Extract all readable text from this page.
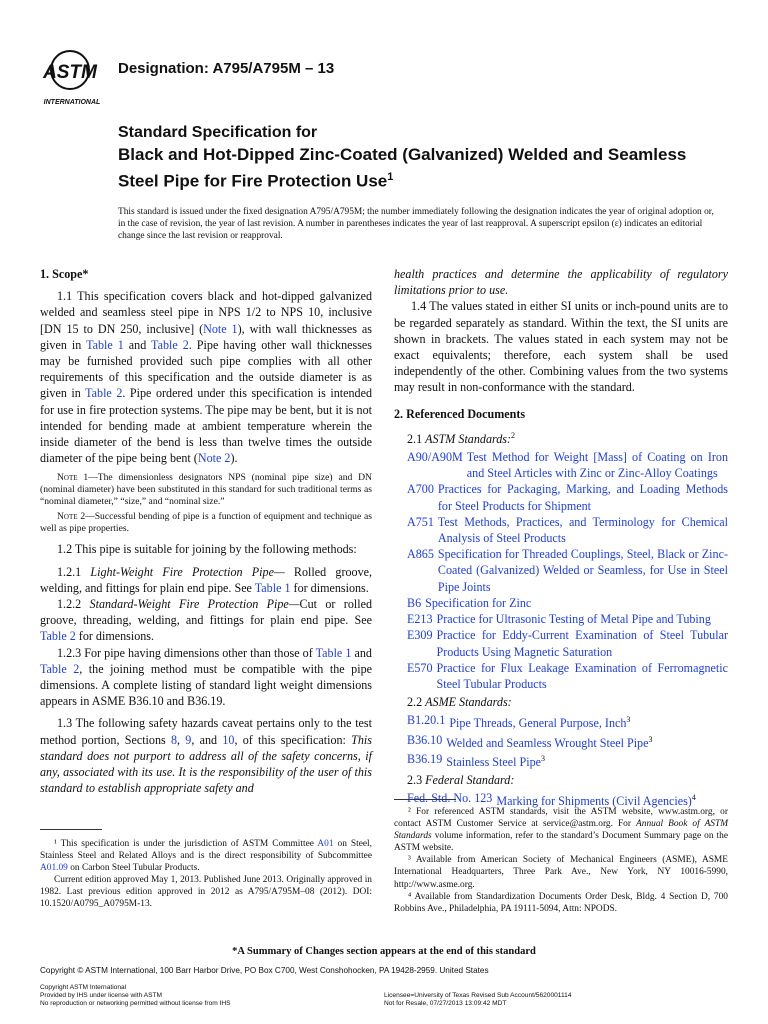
ASTM
INTERNATIONAL
Designation: A795/A795M – 13
Standard Specification for
Black and Hot-Dipped Zinc-Coated (Galvanized) Welded and Seamless Steel Pipe for Fire Protection Use$^1$
This standard is issued under the fixed designation A795/A795M; the number immediately following the designation indicates the year of original adoption or, in the case of revision, the year of last revision. A number in parentheses indicates the year of last reapproval. A superscript epsilon (ε) indicates an editorial change since the last revision or reapproval.
1. Scope*

1.1 This specification covers black and hot-dipped galvanized welded and seamless steel pipe in NPS 1/2 to NPS 10, inclusive [DN 15 to DN 250, inclusive] (Note 1), with wall thicknesses as given in Table 1 and Table 2. Pipe having other wall thicknesses may be furnished provided such pipe complies with all other requirements of this specification and the outside diameter is as given in Table 2. Pipe ordered under this specification is intended for use in fire protection systems. The pipe may be bent, but it is not intended for bending made at ambient temperature wherein the inside diameter of the bend is less than twelve times the outside diameter of the pipe being bent (Note 2).

Note 1—The dimensionless designators NPS (nominal pipe size) and DN (nominal diameter) have been substituted in this standard for such traditional terms as “nominal diameter,” “size,” and “nominal size.”

Note 2—Successful bending of pipe is a function of equipment and technique as well as pipe properties.

1.2 This pipe is suitable for joining by the following methods:

1.2.1 Light-Weight Fire Protection Pipe— Rolled groove, welding, and fittings for plain end pipe. See Table 1 for dimensions.

1.2.2 Standard-Weight Fire Protection Pipe—Cut or rolled groove, threading, welding, and fittings for plain end pipe. See Table 2 for dimensions.

1.2.3 For pipe having dimensions other than those of Table 1 and Table 2, the joining method must be compatible with the pipe dimensions. A complete listing of standard light weight dimensions appears in ASME B36.10 and B36.19.

1.3 The following safety hazards caveat pertains only to the test method portion, Sections 8, 9, and 10, of this specification: This standard does not purport to address all of the safety concerns, if any, associated with its use. It is the responsibility of the user of this standard to establish appropriate safety and

¹ This specification is under the jurisdiction of ASTM Committee A01 on Steel, Stainless Steel and Related Alloys and is the direct responsibility of Subcommittee A01.09 on Carbon Steel Tubular Products.

Current edition approved May 1, 2013. Published June 2013. Originally approved in 1982. Last previous edition approved in 2012 as A795/A795M–08 (2012). DOI: 10.1520/A0795_A0795M-13.

health practices and determine the applicability of regulatory limitations prior to use.

1.4 The values stated in either SI units or inch-pound units are to be regarded separately as standard. Within the text, the SI units are shown in brackets. The values stated in each system may not be exact equivalents; therefore, each system shall be used independently of the other. Combining values from the two systems may result in non-conformance with the standard.

2. Referenced Documents
2.1 ASTM Standards:$^2$
A90/A90M Test Method for Weight [Mass] of Coating on Iron and Steel Articles with Zinc or Zinc-Alloy Coatings
A700 Practices for Packaging, Marking, and Loading Methods for Steel Products for Shipment
A751 Test Methods, Practices, and Terminology for Chemical Analysis of Steel Products
A865 Specification for Threaded Couplings, Steel, Black or Zinc-Coated (Galvanized) Welded or Seamless, for Use in Steel Pipe Joints
B6 Specification for Zinc
E213 Practice for Ultrasonic Testing of Metal Pipe and Tubing
E309 Practice for Eddy-Current Examination of Steel Tubular Products Using Magnetic Saturation
E570 Practice for Flux Leakage Examination of Ferromagnetic Steel Tubular Products
2.2 ASME Standards:
B1.20.1 Pipe Threads, General Purpose, Inch$^3$
B36.10 Welded and Seamless Wrought Steel Pipe$^3$
B36.19 Stainless Steel Pipe$^3$
2.3 Federal Standard:
Fed. Std. No. 123 Marking for Shipments (Civil Agencies)$^4$

² For referenced ASTM standards, visit the ASTM website, www.astm.org, or contact ASTM Customer Service at service@astm.org. For Annual Book of ASTM Standards volume information, refer to the standard’s Document Summary page on the ASTM website.

³ Available from American Society of Mechanical Engineers (ASME), ASME International Headquarters, Three Park Ave., New York, NY 10016-5990, http://www.asme.org.

⁴ Available from Standardization Documents Order Desk, Bldg. 4 Section D, 700 Robbins Ave., Philadelphia, PA 19111-5094, Attn: NPODS.

*A Summary of Changes section appears at the end of this standard
Copyright © ASTM International, 100 Barr Harbor Drive, PO Box C700, West Conshohocken, PA 19428-2959. United States
Copyright ASTM International
Provided by IHS under license with ASTM
No reproduction or networking permitted without license from IHS
Licensee=University of Texas Revised Sub Account/5620001114
Not for Resale, 07/27/2013 13:09:42 MDT
